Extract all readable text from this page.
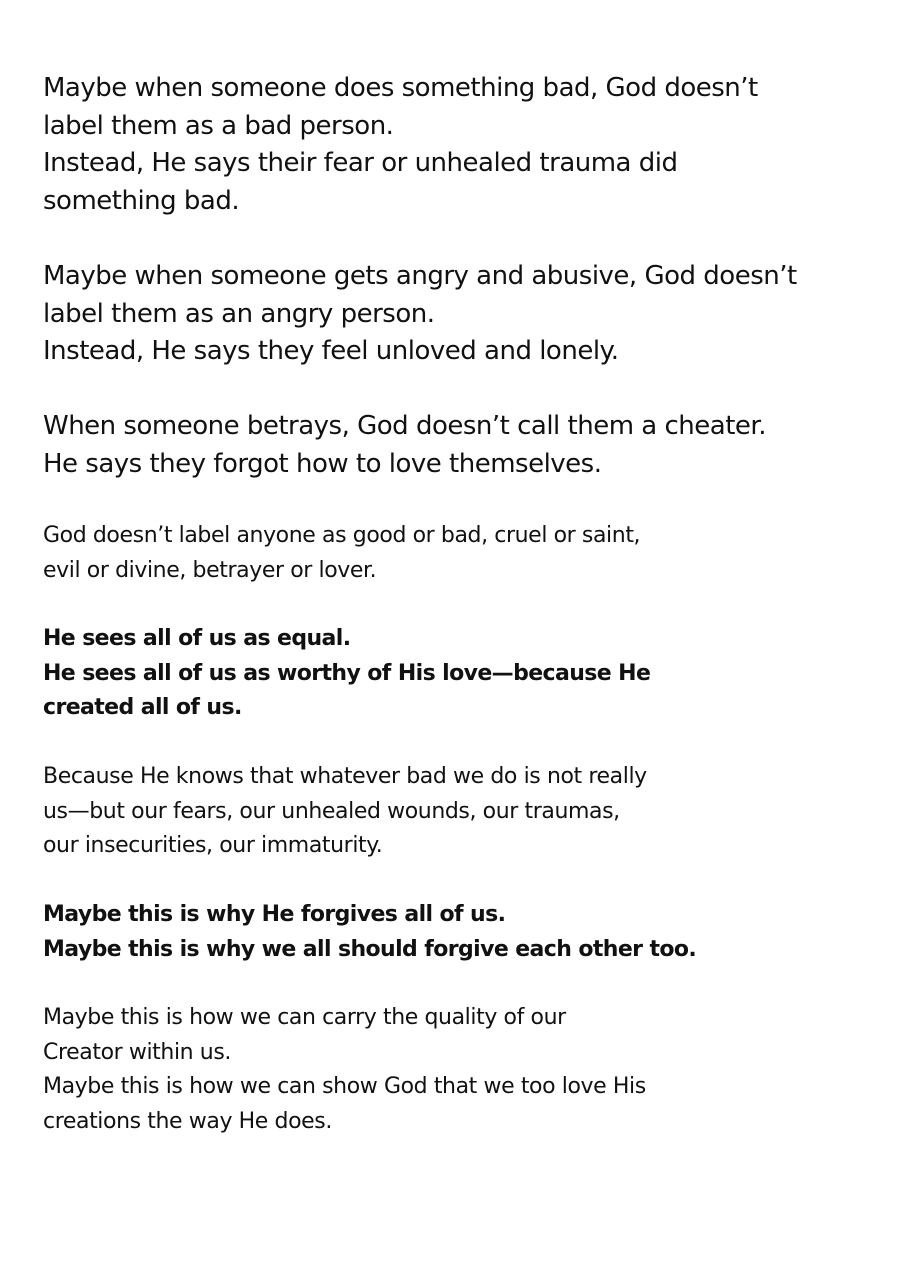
Maybe when someone does something bad, God doesn’t
label them as a bad person.
Instead, He says their fear or unhealed trauma did
something bad.

Maybe when someone gets angry and abusive, God doesn’t
label them as an angry person.
Instead, He says they feel unloved and lonely.

When someone betrays, God doesn’t call them a cheater.
He says they forgot how to love themselves.

God doesn’t label anyone as good or bad, cruel or saint,
evil or divine, betrayer or lover.

He sees all of us as equal.
He sees all of us as worthy of His love—because He
created all of us.

Because He knows that whatever bad we do is not really
us—but our fears, our unhealed wounds, our traumas,
our insecurities, our immaturity.

Maybe this is why He forgives all of us.
Maybe this is why we all should forgive each other too.

Maybe this is how we can carry the quality of our
Creator within us.
Maybe this is how we can show God that we too love His
creations the way He does.
